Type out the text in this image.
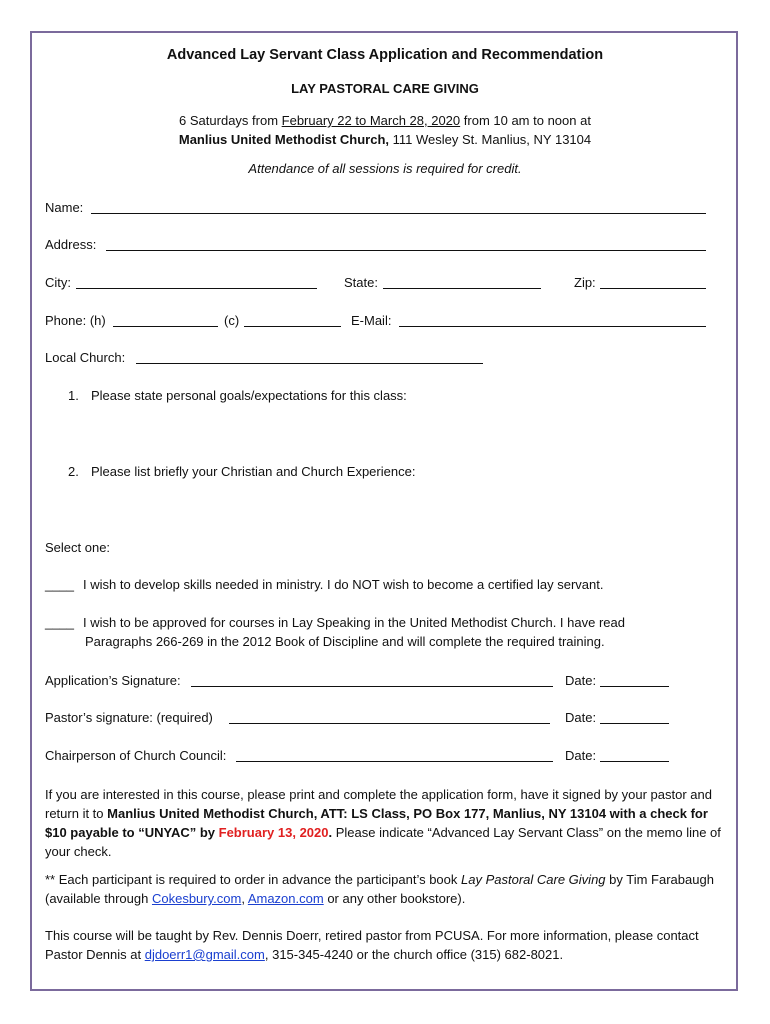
Advanced Lay Servant Class Application and Recommendation
LAY PASTORAL CARE GIVING
6 Saturdays from February 22 to March 28, 2020 from 10 am to noon at
Manlius United Methodist Church, 111 Wesley St. Manlius, NY 13104
Attendance of all sessions is required for credit.
Name:
Address:
City:	State:	Zip:
Phone: (h)	(c)	E-Mail:
Local Church:
1. Please state personal goals/expectations for this class:
2. Please list briefly your Christian and Church Experience:
Select one:
____ I wish to develop skills needed in ministry. I do NOT wish to become a certified lay servant.
____ I wish to be approved for courses in Lay Speaking in the United Methodist Church. I have read
Paragraphs 266-269 in the 2012 Book of Discipline and will complete the required training.
Application’s Signature:	Date:
Pastor’s signature: (required)	Date:
Chairperson of Church Council:	Date:
If you are interested in this course, please print and complete the application form, have it signed by your pastor and return it to Manlius United Methodist Church, ATT: LS Class, PO Box 177, Manlius, NY 13104 with a check for $10 payable to “UNYAC” by February 13, 2020. Please indicate “Advanced Lay Servant Class” on the memo line of your check.
** Each participant is required to order in advance the participant’s book Lay Pastoral Care Giving by Tim Farabaugh (available through Cokesbury.com, Amazon.com or any other bookstore).
This course will be taught by Rev. Dennis Doerr, retired pastor from PCUSA. For more information, please contact Pastor Dennis at djdoerr1@gmail.com, 315-345-4240 or the church office (315) 682-8021.
